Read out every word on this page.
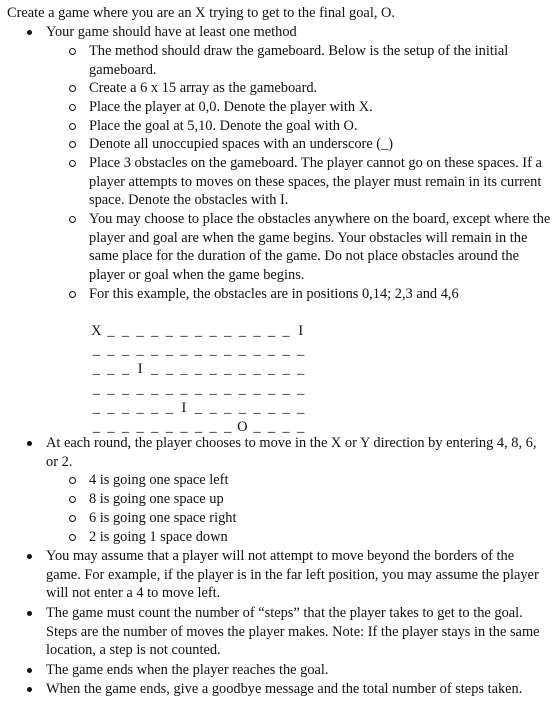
Create a game where you are an X trying to get to the final goal, O.
Your game should have at least one method
The method should draw the gameboard. Below is the setup of the initial gameboard.
Create a 6 x 15 array as the gameboard.
Place the player at 0,0. Denote the player with X.
Place the goal at 5,10. Denote the goal with O.
Denote all unoccupied spaces with an underscore (_)
Place 3 obstacles on the gameboard. The player cannot go on these spaces. If a player attempts to moves on these spaces, the player must remain in its current space. Denote the obstacles with I.
You may choose to place the obstacles anywhere on the board, except where the player and goal are when the game begins. Your obstacles will remain in the same place for the duration of the game. Do not place obstacles around the player or goal when the game begins.
For this example, the obstacles are in positions 0,14; 2,3 and 4,6
X _ _ _ _ _ _ _ _ _ _ _ _ _ I
_ _ _ _ _ _ _ _ _ _ _ _ _ _ _
_ _ _ I _ _ _ _ _ _ _ _ _ _ _
_ _ _ _ _ _ _ _ _ _ _ _ _ _ _
_ _ _ _ _ _ I _ _ _ _ _ _ _ _
_ _ _ _ _ _ _ _ _ _ O _ _ _ _
At each round, the player chooses to move in the X or Y direction by entering 4, 8, 6, or 2.
4 is going one space left
8 is going one space up
6 is going one space right
2 is going 1 space down
You may assume that a player will not attempt to move beyond the borders of the game. For example, if the player is in the far left position, you may assume the player will not enter a 4 to move left.
The game must count the number of “steps” that the player takes to get to the goal. Steps are the number of moves the player makes. Note: If the player stays in the same location, a step is not counted.
The game ends when the player reaches the goal.
When the game ends, give a goodbye message and the total number of steps taken.
